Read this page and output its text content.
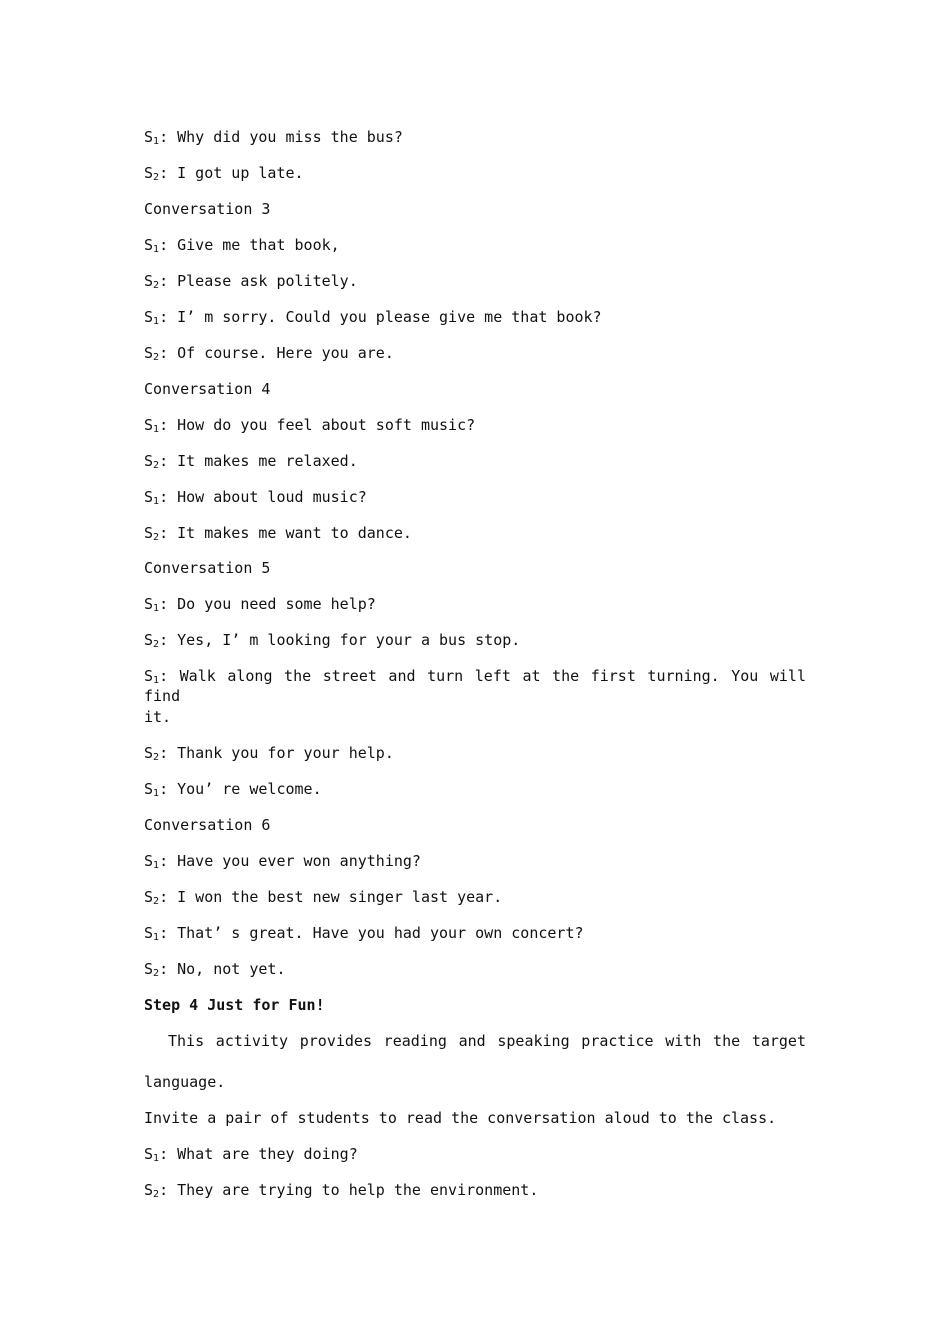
$S_1$: Why did you miss the bus?
$S_2$: I got up late.
Conversation 3
$S_1$: Give me that book,
$S_2$: Please ask politely.
$S_1$: I’ m sorry. Could you please give me that book?
$S_2$: Of course. Here you are.
Conversation 4
$S_1$: How do you feel about soft music?
$S_2$: It makes me relaxed.
$S_1$: How about loud music?
$S_2$: It makes me want to dance.
Conversation 5
$S_1$: Do you need some help?
$S_2$: Yes, I’ m looking for your a bus stop.
$S_1$: Walk along the street and turn left at the first turning. You will find
it.
$S_2$: Thank you for your help.
$S_1$: You’ re welcome.
Conversation 6
$S_1$: Have you ever won anything?
$S_2$: I won the best new singer last year.
$S_1$: That’ s great. Have you had your own concert?
$S_2$: No, not yet.
Step 4 Just for Fun!
This activity provides reading and speaking practice with the target
language.
Invite a pair of students to read the conversation aloud to the class.
$S_1$: What are they doing?
$S_2$: They are trying to help the environment.
